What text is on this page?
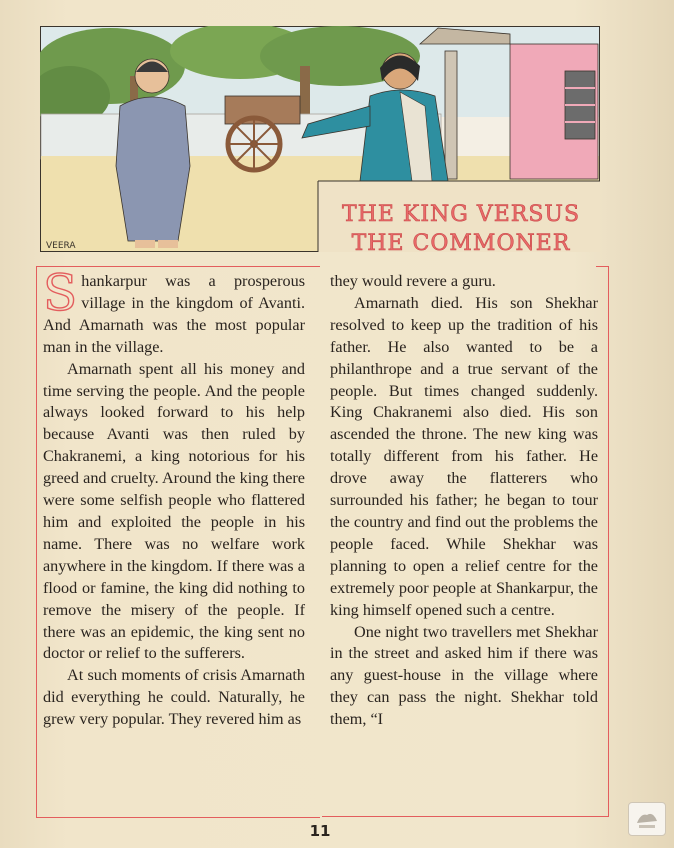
VEERA
THE KING VERSUS
THE COMMONER

Shankarpur was a prosperous village in the kingdom of Avanti. And Amarnath was the most popular man in the village.

Amarnath spent all his money and time serving the people. And the people always looked forward to his help because Avanti was then ruled by Chakranemi, a king notorious for his greed and cruelty. Around the king there were some selfish people who flattered him and exploited the people in his name. There was no welfare work anywhere in the kingdom. If there was a flood or famine, the king did nothing to remove the misery of the people. If there was an epidemic, the king sent no doctor or relief to the sufferers.

At such moments of crisis Amarnath did everything he could. Naturally, he grew very popular. They revered him as

they would revere a guru.

Amarnath died. His son Shekhar resolved to keep up the tradition of his father. He also wanted to be a philanthrope and a true servant of the people. But times changed suddenly. King Chakranemi also died. His son ascended the throne. The new king was totally different from his father. He drove away the flatterers who surrounded his father; he began to tour the country and find out the problems the people faced. While Shekhar was planning to open a relief centre for the extremely poor people at Shankarpur, the king himself opened such a centre.

One night two travellers met Shekhar in the street and asked him if there was any guest-house in the village where they can pass the night. Shekhar told them, “I

11
